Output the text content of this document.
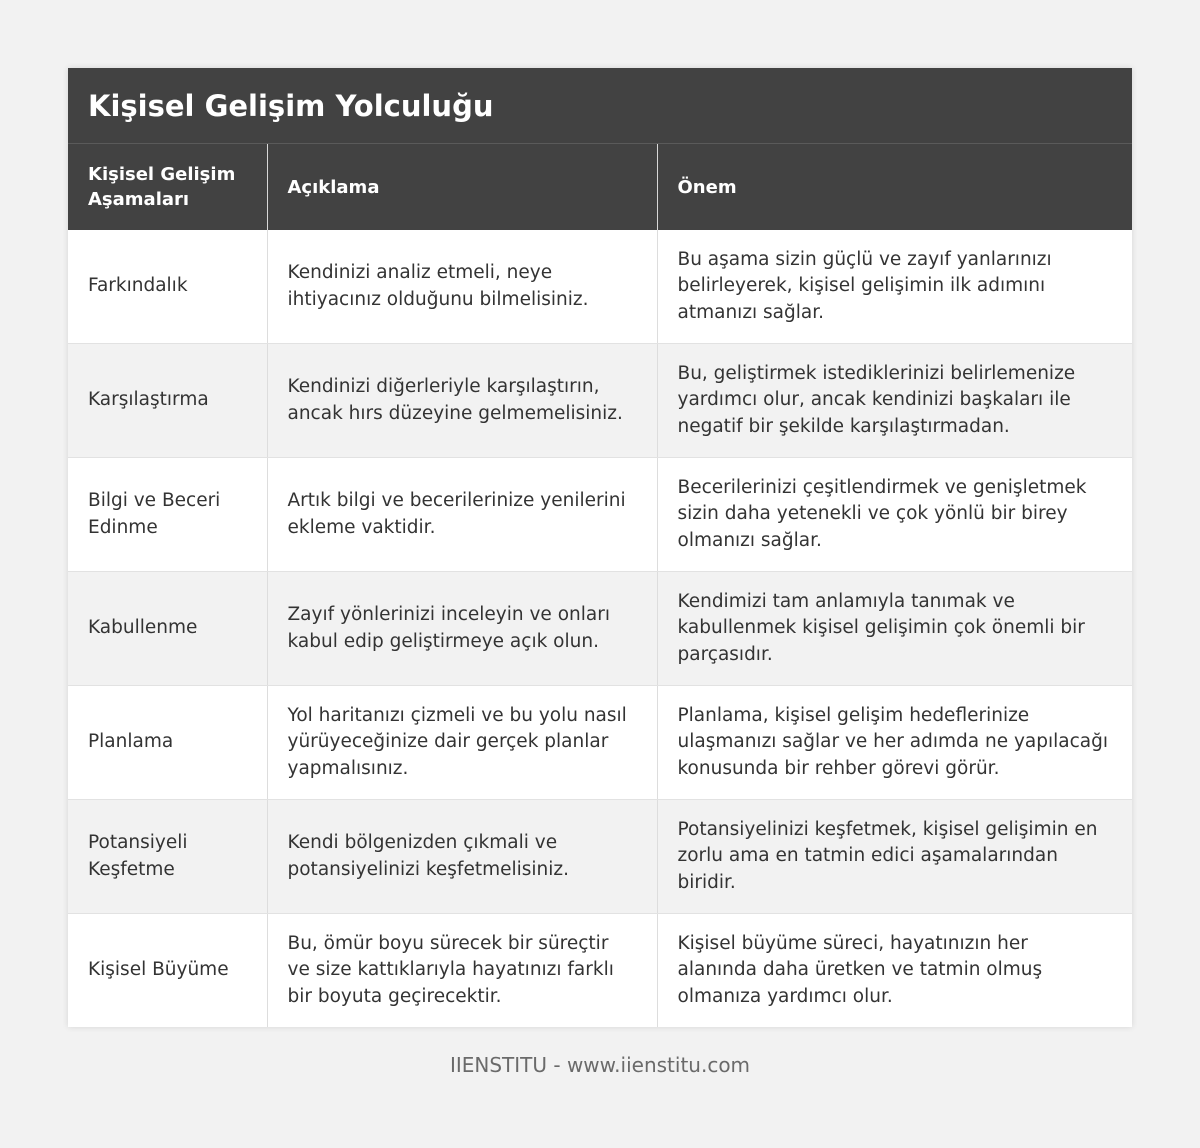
Kişisel Gelişim Yolculuğu
Kişisel Gelişim Aşamaları	Açıklama	Önem
Farkındalık	Kendinizi analiz etmeli, neye ihtiyacınız olduğunu bilmelisiniz.	Bu aşama sizin güçlü ve zayıf yanlarınızı belirleyerek, kişisel gelişimin ilk adımını atmanızı sağlar.
Karşılaştırma	Kendinizi diğerleriyle karşılaştırın, ancak hırs düzeyine gelmemelisiniz.	Bu, geliştirmek istediklerinizi belirlemenize yardımcı olur, ancak kendinizi başkaları ile negatif bir şekilde karşılaştırmadan.
Bilgi ve Beceri Edinme	Artık bilgi ve becerilerinize yenilerini ekleme vaktidir.	Becerilerinizi çeşitlendirmek ve genişletmek sizin daha yetenekli ve çok yönlü bir birey olmanızı sağlar.
Kabullenme	Zayıf yönlerinizi inceleyin ve onları kabul edip geliştirmeye açık olun.	Kendimizi tam anlamıyla tanımak ve kabullenmek kişisel gelişimin çok önemli bir parçasıdır.
Planlama	Yol haritanızı çizmeli ve bu yolu nasıl yürüyeceğinize dair gerçek planlar yapmalısınız.	Planlama, kişisel gelişim hedeflerinize ulaşmanızı sağlar ve her adımda ne yapılacağı konusunda bir rehber görevi görür.
Potansiyeli Keşfetme	Kendi bölgenizden çıkmali ve potansiyelinizi keşfetmelisiniz.	Potansiyelinizi keşfetmek, kişisel gelişimin en zorlu ama en tatmin edici aşamalarından biridir.
Kişisel Büyüme	Bu, ömür boyu sürecek bir süreçtir ve size kattıklarıyla hayatınızı farklı bir boyuta geçirecektir.	Kişisel büyüme süreci, hayatınızın her alanında daha üretken ve tatmin olmuş olmanıza yardımcı olur.
IIENSTITU - www.iienstitu.com
